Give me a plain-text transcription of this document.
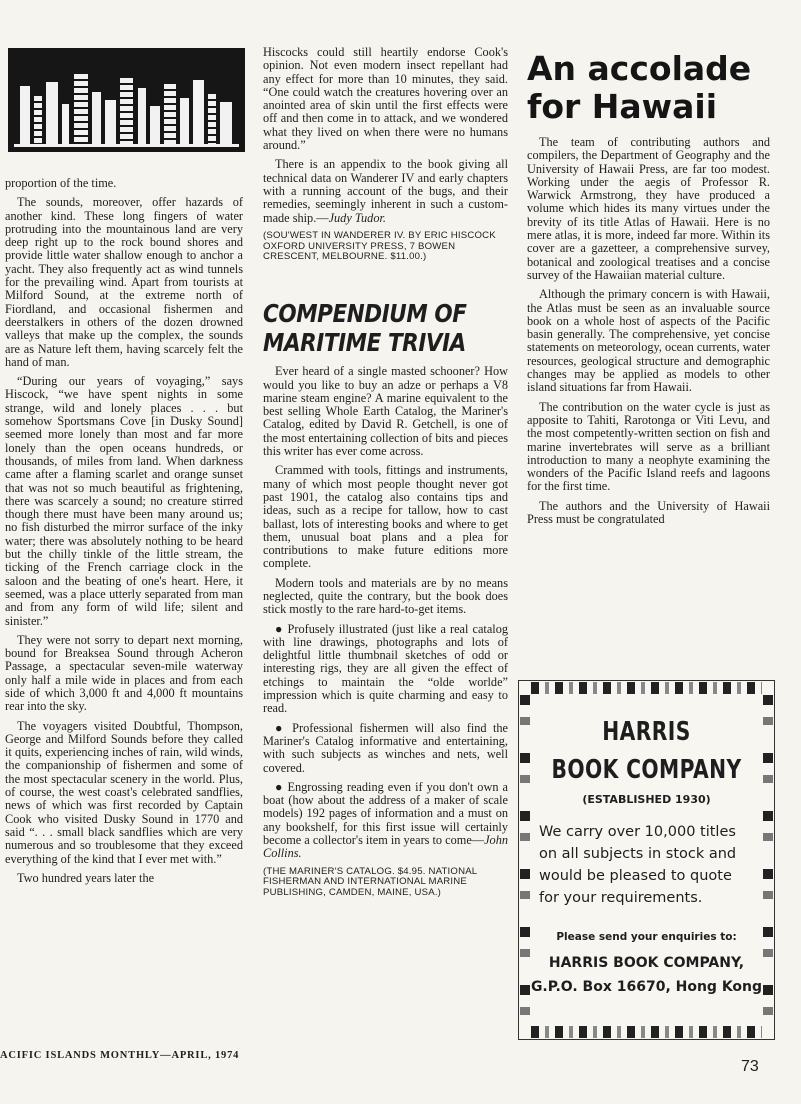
proportion of the time.

The sounds, moreover, offer hazards of another kind. These long fingers of water protruding into the mountainous land are very deep right up to the rock bound shores and provide little water shallow enough to anchor a yacht. They also frequently act as wind tunnels for the prevailing wind. Apart from tourists at Milford Sound, at the extreme north of Fiordland, and occasional fishermen and deerstalkers in others of the dozen drowned valleys that make up the complex, the sounds are as Nature left them, having scarcely felt the hand of man.

“During our years of voyaging,” says Hiscock, “we have spent nights in some strange, wild and lonely places . . . but somehow Sportsmans Cove [in Dusky Sound] seemed more lonely than most and far more lonely than the open oceans hundreds, or thousands, of miles from land. When darkness came after a flaming scarlet and orange sunset that was not so much beautiful as frightening, there was scarcely a sound; no creature stirred though there must have been many around us; no fish disturbed the mirror surface of the inky water; there was absolutely nothing to be heard but the chilly tinkle of the little stream, the ticking of the French carriage clock in the saloon and the beating of one's heart. Here, it seemed, was a place utterly separated from man and from any form of wild life; silent and sinister.”

They were not sorry to depart next morning, bound for Breaksea Sound through Acheron Passage, a spectacular seven-mile waterway only half a mile wide in places and from each side of which 3,000 ft and 4,000 ft mountains rear into the sky.

The voyagers visited Doubtful, Thompson, George and Milford Sounds before they called it quits, experiencing inches of rain, wild winds, the companionship of fishermen and some of the most spectacular scenery in the world. Plus, of course, the west coast's celebrated sandflies, news of which was first recorded by Captain Cook who visited Dusky Sound in 1770 and said “. . . small black sandflies which are very numerous and so troublesome that they exceed everything of the kind that I ever met with.”

Two hundred years later the

Hiscocks could still heartily endorse Cook's opinion. Not even modern insect repellant had any effect for more than 10 minutes, they said. “One could watch the creatures hovering over an anointed area of skin until the first effects were off and then come in to attack, and we wondered what they lived on when there were no humans around.”

There is an appendix to the book giving all technical data on Wanderer IV and early chapters with a running account of the bugs, and their remedies, seemingly inherent in such a custom-made ship.—Judy Tudor.

(SOU'WEST IN WANDERER IV. BY ERIC HISCOCK OXFORD UNIVERSITY PRESS, 7 BOWEN CRESCENT, MELBOURNE. $11.00.)

COMPENDIUM OF
MARITIME TRIVIA

Ever heard of a single masted schooner? How would you like to buy an adze or perhaps a V8 marine steam engine? A marine equivalent to the best selling Whole Earth Catalog, the Mariner's Catalog, edited by David R. Getchell, is one of the most entertaining collection of bits and pieces this writer has ever come across.

Crammed with tools, fittings and instruments, many of which most people thought never got past 1901, the catalog also contains tips and ideas, such as a recipe for tallow, how to cast ballast, lots of interesting books and where to get them, unusual boat plans and a plea for contributions to make future editions more complete.

Modern tools and materials are by no means neglected, quite the contrary, but the book does stick mostly to the rare hard-to-get items.

● Profusely illustrated (just like a real catalog with line drawings, photographs and lots of delightful little thumbnail sketches of odd or interesting rigs, they are all given the effect of etchings to maintain the “olde worlde” impression which is quite charming and easy to read.

● Professional fishermen will also find the Mariner's Catalog informative and entertaining, with such subjects as winches and nets, well covered.

● Engrossing reading even if you don't own a boat (how about the address of a maker of scale models) 192 pages of information and a must on any bookshelf, for this first issue will certainly become a collector's item in years to come—John Collins.

(THE MARINER'S CATALOG. $4.95. NATIONAL FISHERMAN AND INTERNATIONAL MARINE PUBLISHING, CAMDEN, MAINE, USA.)

An accolade
for Hawaii

The team of contributing authors and compilers, the Department of Geography and the University of Hawaii Press, are far too modest. Working under the aegis of Professor R. Warwick Armstrong, they have produced a volume which hides its many virtues under the brevity of its title Atlas of Hawaii. Here is no mere atlas, it is more, indeed far more. Within its cover are a gazetteer, a comprehensive survey, botanical and zoological treatises and a concise survey of the Hawaiian material culture.

Although the primary concern is with Hawaii, the Atlas must be seen as an invaluable source book on a whole host of aspects of the Pacific basin generally. The comprehensive, yet concise statements on meteorology, ocean currents, water resources, geological structure and demographic changes may be applied as models to other island situations far from Hawaii.

The contribution on the water cycle is just as apposite to Tahiti, Rarotonga or Viti Levu, and the most competently-written section on fish and marine invertebrates will serve as a brilliant introduction to many a neophyte examining the wonders of the Pacific Island reefs and lagoons for the first time.

The authors and the University of Hawaii Press must be congratulated

HARRIS
BOOK COMPANY
(ESTABLISHED 1930)
We carry over 10,000 titles on all subjects in stock and would be pleased to quote for your requirements.
Please send your enquiries to:
HARRIS BOOK COMPANY,
G.P.O. Box 16670, Hong Kong
ACIFIC ISLANDS MONTHLY—APRIL, 1974
73
